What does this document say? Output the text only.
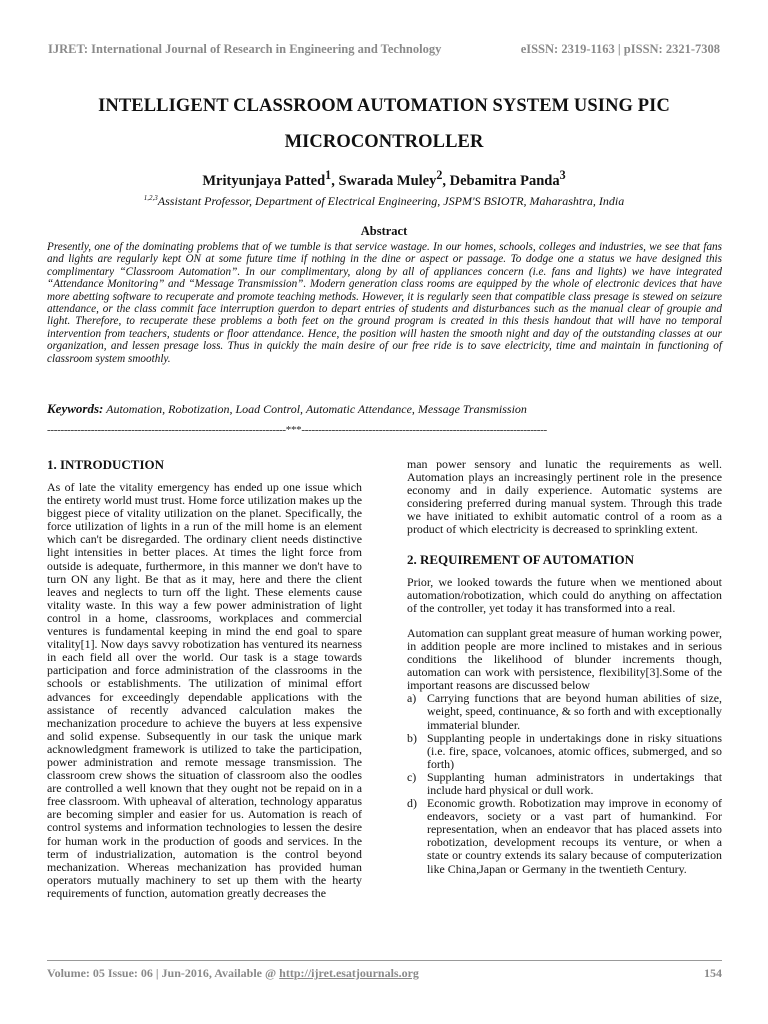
IJRET: International Journal of Research in Engineering and Technology	eISSN: 2319-1163 | pISSN: 2321-7308
INTELLIGENT CLASSROOM AUTOMATION SYSTEM USING PIC
MICROCONTROLLER
Mrityunjaya Patted$^1$, Swarada Muley$^2$, Debamitra Panda$^3$
$^{1,2,3}$Assistant Professor, Department of Electrical Engineering, JSPM'S BSIOTR, Maharashtra, India
Abstract

Presently, one of the dominating problems that of we tumble is that service wastage. In our homes, schools, colleges and industries, we see that fans and lights are regularly kept ON at some future time if nothing in the dine or aspect or passage. To dodge one a status we have designed this complimentary “Classroom Automation”. In our complimentary, along by all of appliances concern (i.e. fans and lights) we have integrated “Attendance Monitoring” and “Message Transmission”. Modern generation class rooms are equipped by the whole of electronic devices that have more abetting software to recuperate and promote teaching methods. However, it is regularly seen that compatible class presage is stewed on seizure attendance, or the class commit face interruption guerdon to depart entries of students and disturbances such as the manual clear of groupie and light. Therefore, to recuperate these problems a both feet on the ground program is created in this thesis handout that will have no temporal intervention from teachers, students or floor attendance. Hence, the position will hasten the smooth night and day of the outstanding classes at our organization, and lessen presage loss. Thus in quickly the main desire of our free ride is to save electricity, time and maintain in functioning of classroom system smoothly.

Keywords: Automation, Robotization, Load Control, Automatic Attendance, Message Transmission
-----------------------------------------------------------------------***-------------------------------------------------------------------------
1. INTRODUCTION

As of late the vitality emergency has ended up one issue which the entirety world must trust. Home force utilization makes up the biggest piece of vitality utilization on the planet. Specifically, the force utilization of lights in a run of the mill home is an element which can't be disregarded. The ordinary client needs distinctive light intensities in better places. At times the light force from outside is adequate, furthermore, in this manner we don't have to turn ON any light. Be that as it may, here and there the client leaves and neglects to turn off the light. These elements cause vitality waste. In this way a few power administration of light control in a home, classrooms, workplaces and commercial ventures is fundamental keeping in mind the end goal to spare vitality[1]. Now days savvy robotization has ventured its nearness in each field all over the world. Our task is a stage towards participation and force administration of the classrooms in the schools or establishments. The utilization of minimal effort advances for exceedingly dependable applications with the assistance of recently advanced calculation makes the mechanization procedure to achieve the buyers at less expensive and solid expense. Subsequently in our task the unique mark acknowledgment framework is utilized to take the participation, power administration and remote message transmission. The classroom crew shows the situation of classroom also the oodles are controlled a well known that they ought not be repaid on in a free classroom. With upheaval of alteration, technology apparatus are becoming simpler and easier for us. Automation is reach of control systems and information technologies to lessen the desire for human work in the production of goods and services. In the term of industrialization, automation is the control beyond mechanization. Whereas mechanization has provided human operators mutually machinery to set up them with the hearty requirements of function, automation greatly decreases the

man power sensory and lunatic the requirements as well. Automation plays an increasingly pertinent role in the presence economy and in daily experience. Automatic systems are considering preferred during manual system. Through this trade we have initiated to exhibit automatic control of a room as a product of which electricity is decreased to sprinkling extent.

2. REQUIREMENT OF AUTOMATION

Prior, we looked towards the future when we mentioned about automation/robotization, which could do anything on affectation of the controller, yet today it has transformed into a real.

Automation can supplant great measure of human working power, in addition people are more inclined to mistakes and in serious conditions the likelihood of blunder increments though, automation can work with persistence, flexibility[3].Some of the important reasons are discussed below

a) Carrying functions that are beyond human abilities of size, weight, speed, continuance, & so forth and with exceptionally immaterial blunder.
b) Supplanting people in undertakings done in risky situations (i.e. fire, space, volcanoes, atomic offices, submerged, and so forth)
c) Supplanting human administrators in undertakings that include hard physical or dull work.
d) Economic growth. Robotization may improve in economy of endeavors, society or a vast part of humankind. For representation, when an endeavor that has placed assets into robotization, development recoups its venture, or when a state or country extends its salary because of computerization like China,Japan or Germany in the twentieth Century.
Volume: 05 Issue: 06 | Jun-2016, Available @ http://ijret.esatjournals.org	154
